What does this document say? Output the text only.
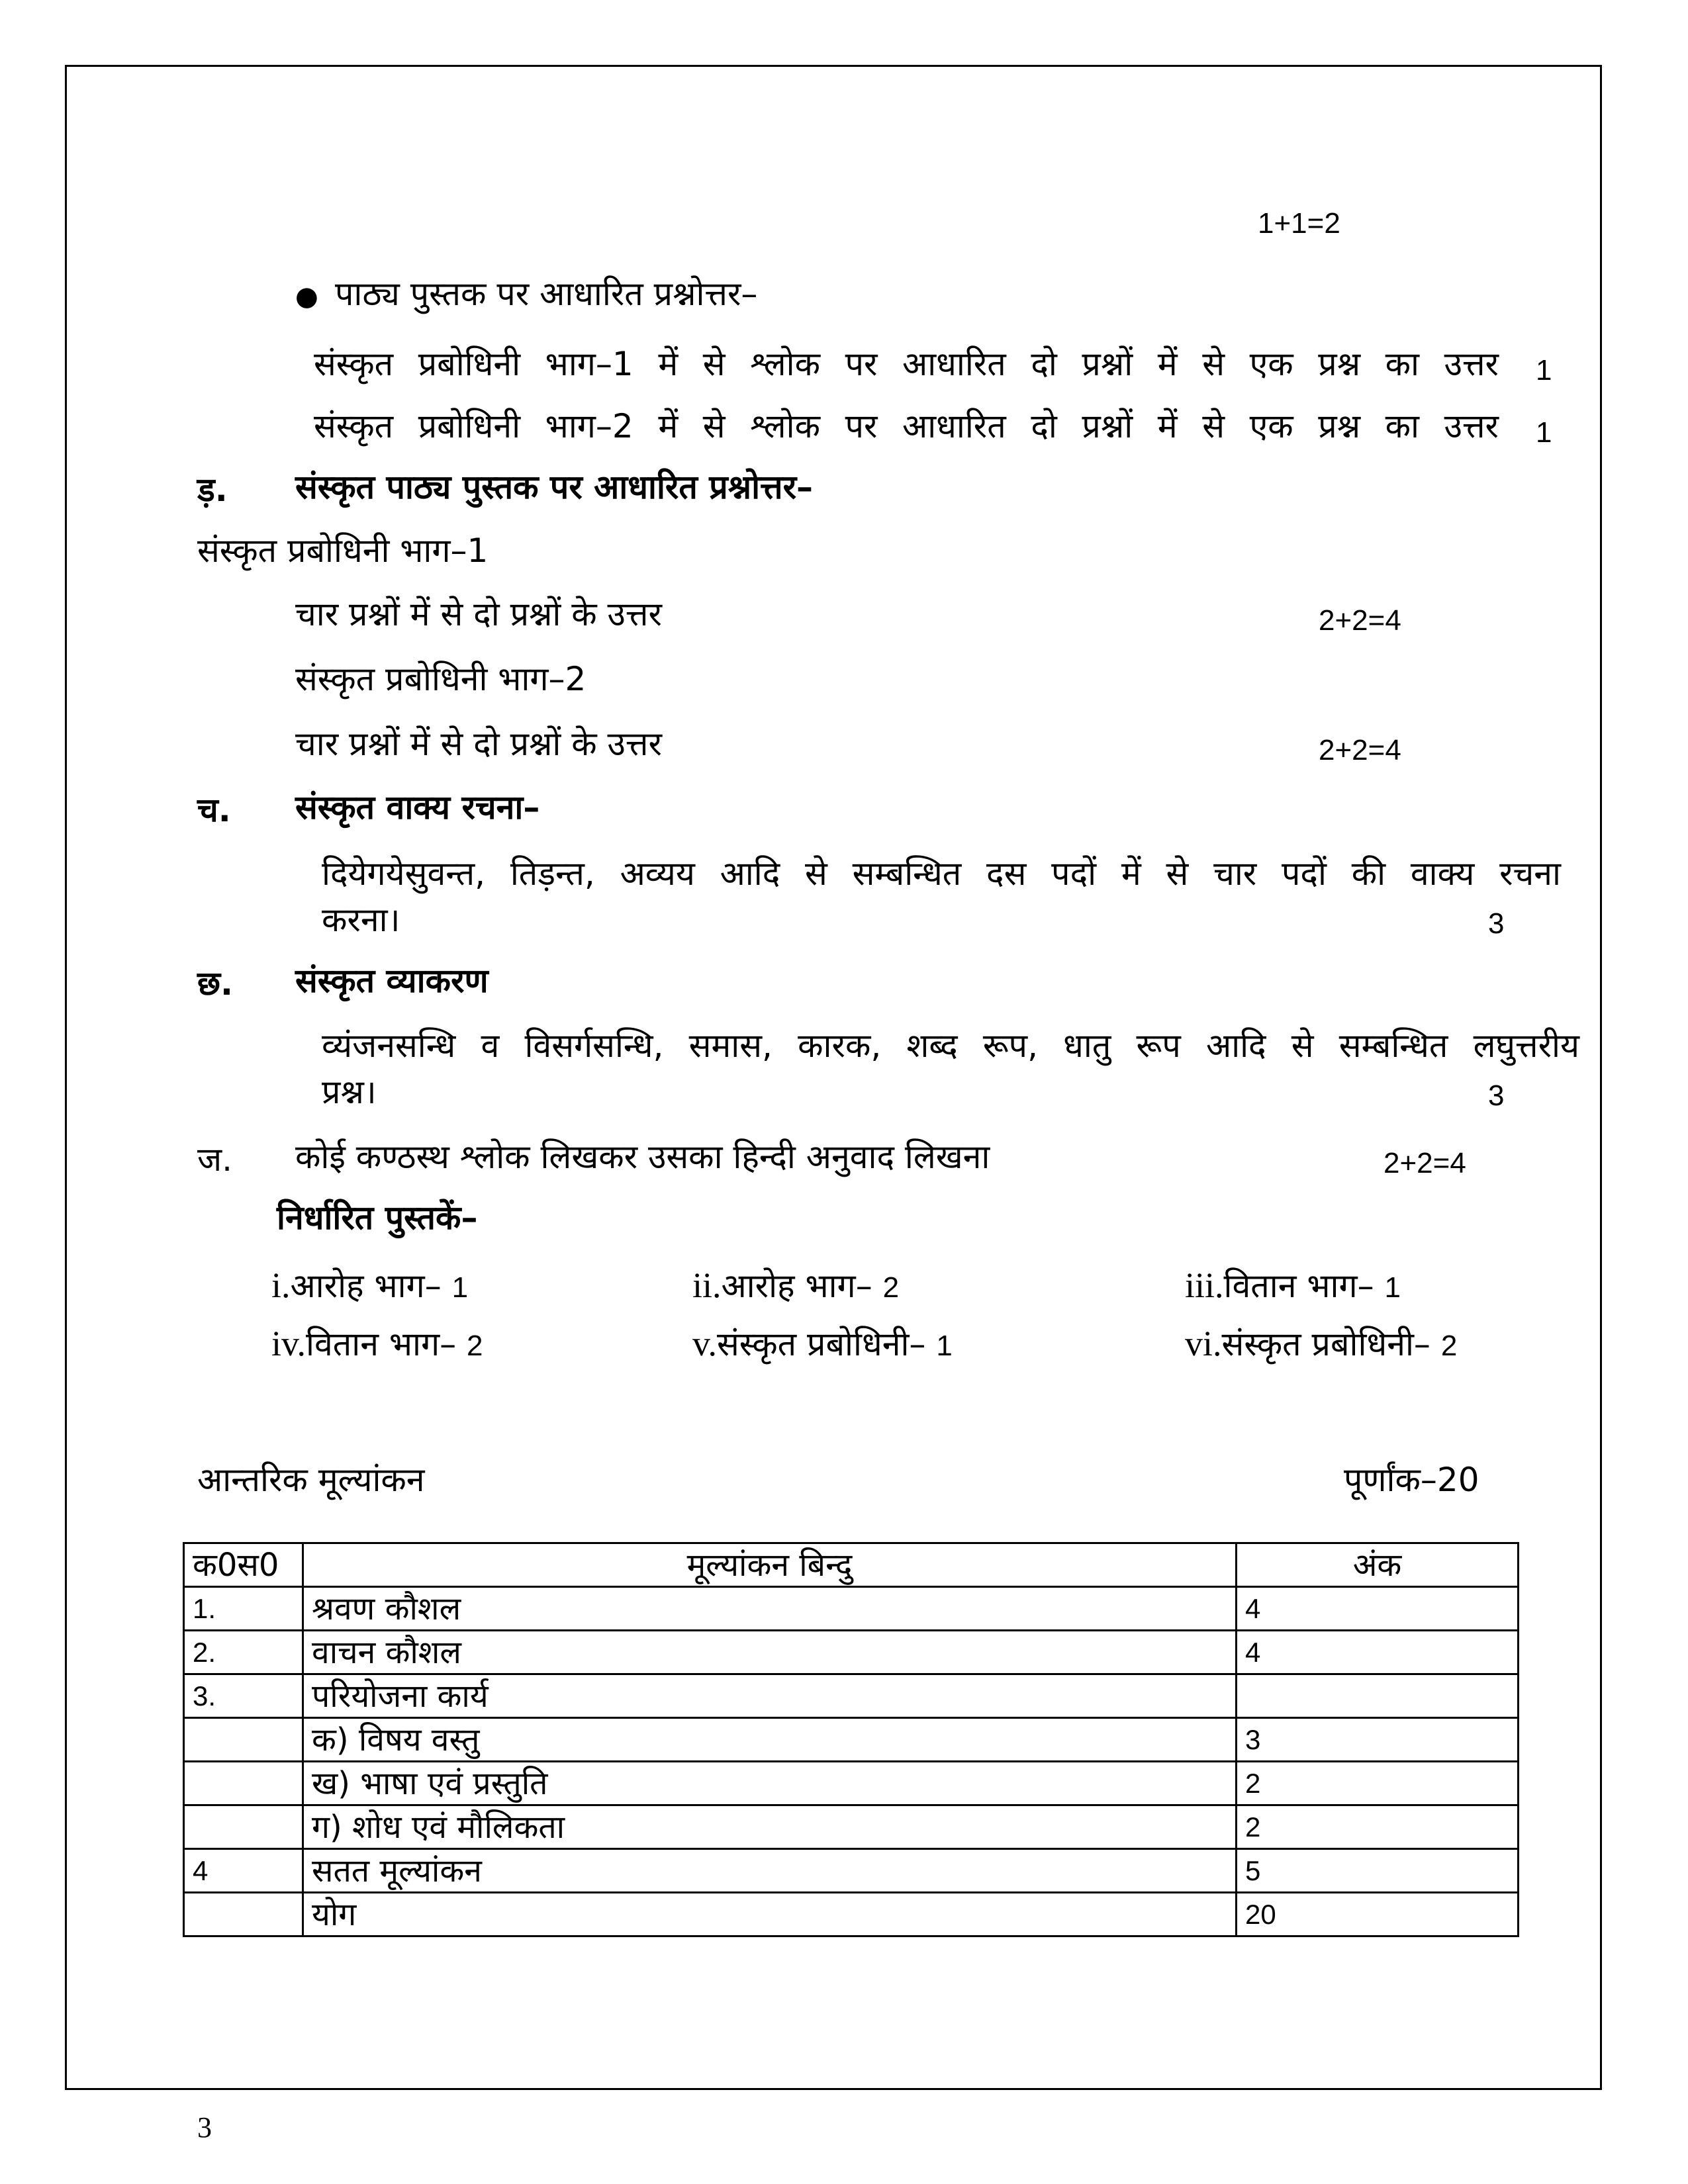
1+1=2
● पाठ्य पुस्तक पर आधारित प्रश्नोत्तर–
संस्कृत प्रबोधिनी भाग–1 में से श्लोक पर आधारित दो प्रश्नों में से एक प्रश्न का उत्तर 1
संस्कृत प्रबोधिनी भाग–2 में से श्लोक पर आधारित दो प्रश्नों में से एक प्रश्न का उत्तर 1
ड़. संस्कृत पाठ्य पुस्तक पर आधारित प्रश्नोत्तर–
संस्कृत प्रबोधिनी भाग–1
चार प्रश्नों में से दो प्रश्नों के उत्तर	2+2=4
संस्कृत प्रबोधिनी भाग–2
चार प्रश्नों में से दो प्रश्नों के उत्तर	2+2=4
च. संस्कृत वाक्य रचना–
दियेगयेसुवन्त, तिड़न्त, अव्यय आदि से सम्बन्धित दस पदों में से चार पदों की वाक्य रचना
करना।	3
छ. संस्कृत व्याकरण
व्यंजनसन्धि व विसर्गसन्धि, समास, कारक, शब्द रूप, धातु रूप आदि से सम्बन्धित लघुत्तरीय
प्रश्न।	3
ज. कोई कण्ठस्थ श्लोक लिखकर उसका हिन्दी अनुवाद लिखना	2+2=4
निर्धारित पुस्तकें–
i.आरोह भाग– 1	ii.आरोह भाग– 2	iii.वितान भाग– 1
iv.वितान भाग– 2	v.संस्कृत प्रबोधिनी– 1	vi.संस्कृत प्रबोधिनी– 2
आन्तरिक मूल्यांकन	पूर्णांक–20
क0स0	मूल्यांकन बिन्दु	अंक
1.	श्रवण कौशल	4
2.	वाचन कौशल	4
3.	परियोजना कार्य	
	क) विषय वस्तु	3
	ख) भाषा एवं प्रस्तुति	2
	ग) शोध एवं मौलिकता	2
4	सतत मूल्यांकन	5
	योग	20
3
